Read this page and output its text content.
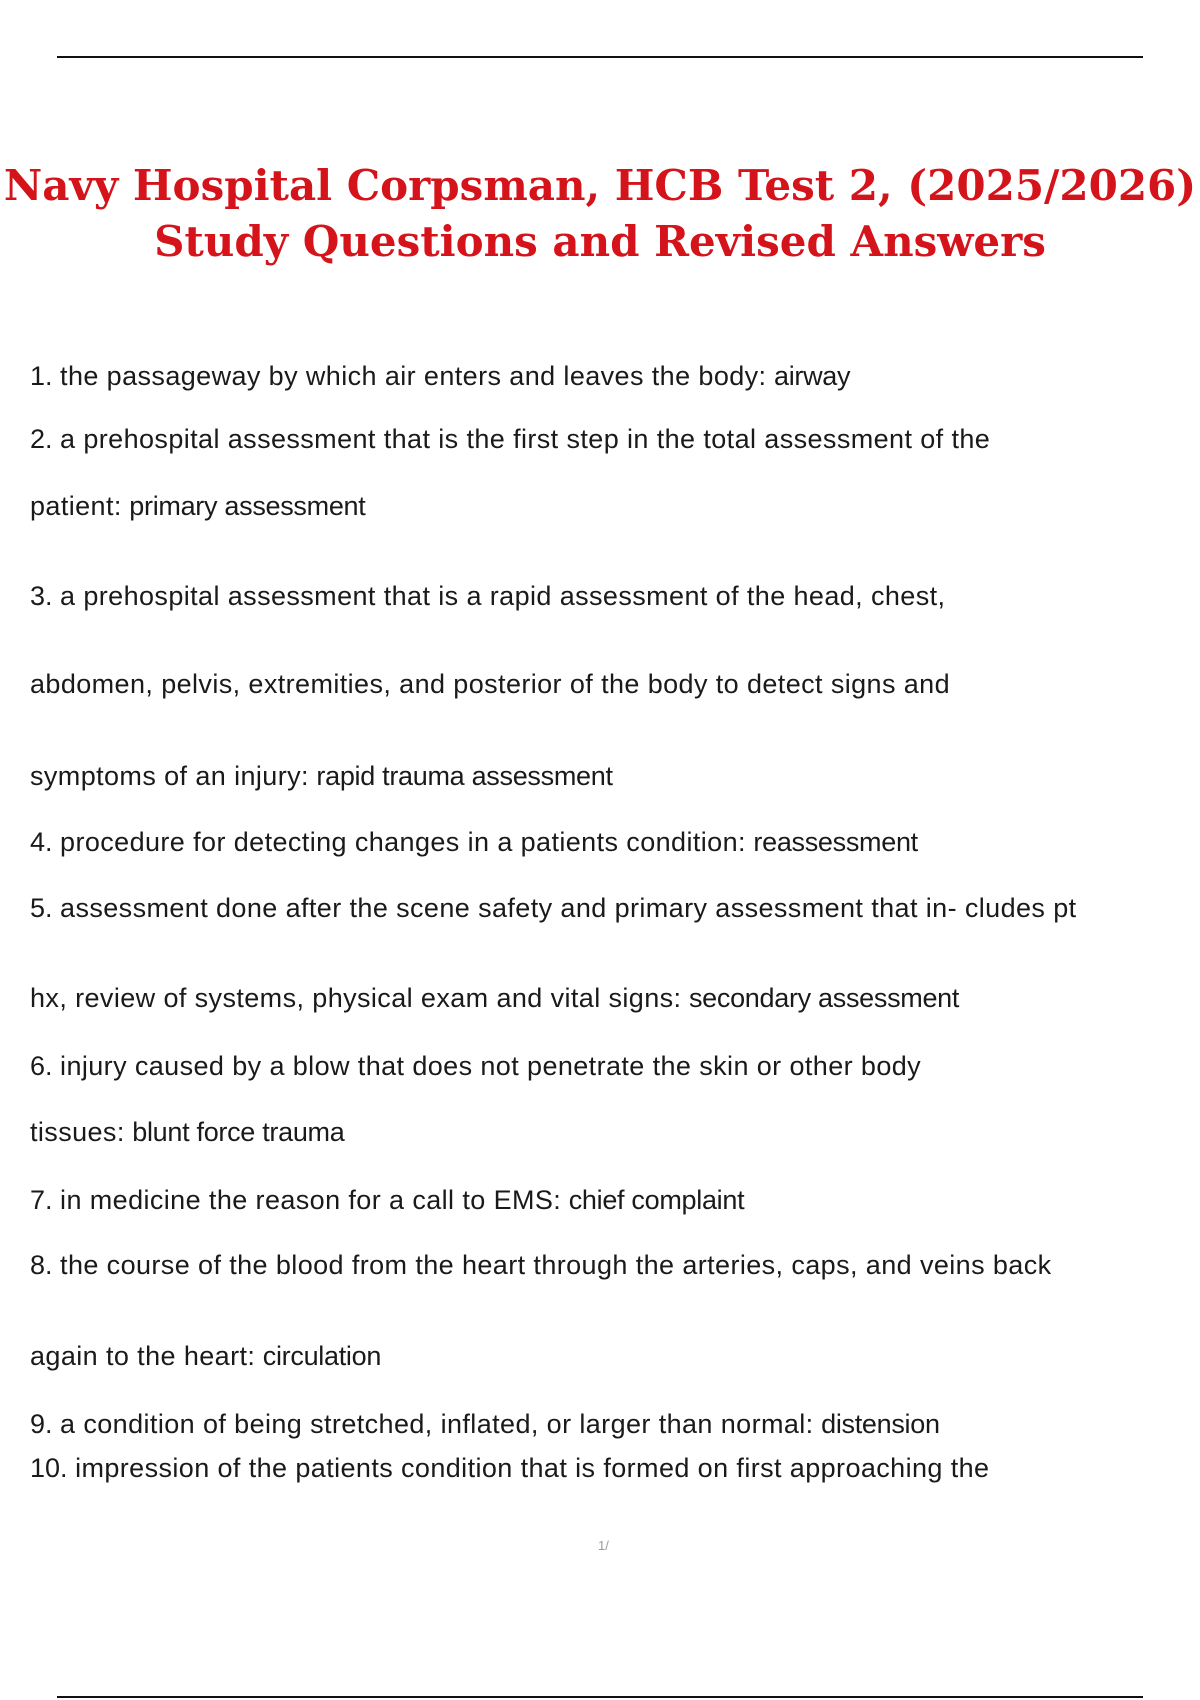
Navy Hospital Corpsman, HCB Test 2, (2025/2026)
Study Questions and Revised Answers
1. the passageway by which air enters and leaves the body: airway
2. a prehospital assessment that is the first step in the total assessment of the
patient: primary assessment
3. a prehospital assessment that is a rapid assessment of the head, chest,
abdomen, pelvis, extremities, and posterior of the body to detect signs and
symptoms of an injury: rapid trauma assessment
4. procedure for detecting changes in a patients condition: reassessment
5. assessment done after the scene safety and primary assessment that in- cludes pt
hx, review of systems, physical exam and vital signs: secondary assessment
6. injury caused by a blow that does not penetrate the skin or other body
tissues: blunt force trauma
7. in medicine the reason for a call to EMS: chief complaint
8. the course of the blood from the heart through the arteries, caps, and veins back
again to the heart: circulation
9. a condition of being stretched, inflated, or larger than normal: distension
10. impression of the patients condition that is formed on first approaching the
1/
